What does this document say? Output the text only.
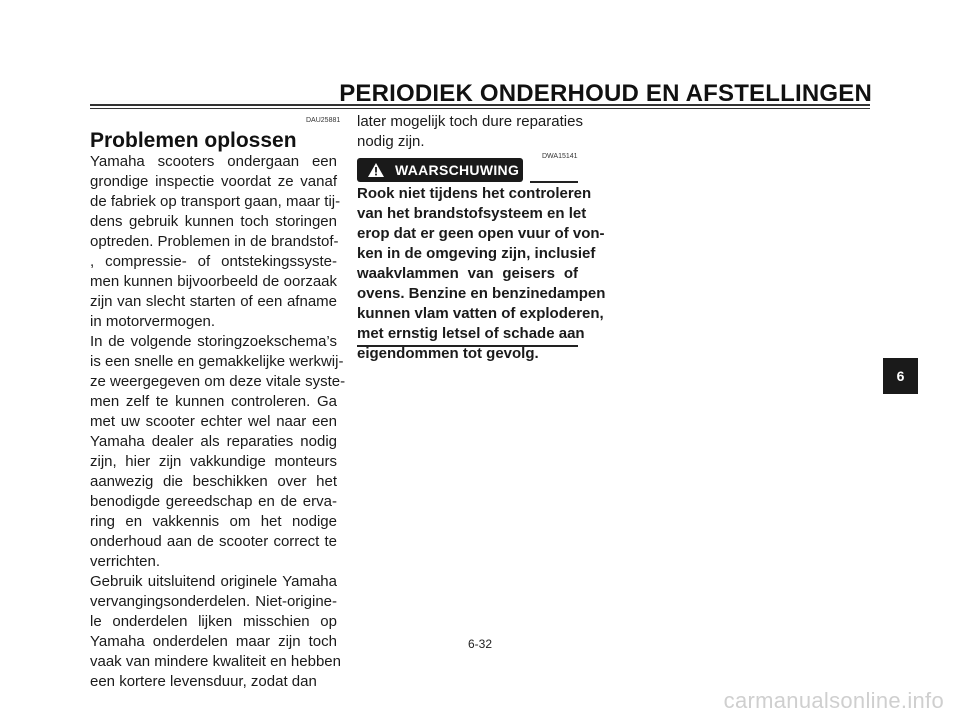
PERIODIEK ONDERHOUD EN AFSTELLINGEN
DAU25881
Problemen oplossen
Yamaha scooters ondergaan een
grondige inspectie voordat ze vanaf
de fabriek op transport gaan, maar tij-
dens gebruik kunnen toch storingen
optreden. Problemen in de brandstof-
, compressie- of ontstekingssyste-
men kunnen bijvoorbeeld de oorzaak
zijn van slecht starten of een afname
in motorvermogen.
In de volgende storingzoekschema’s
is een snelle en gemakkelijke werkwij-
ze weergegeven om deze vitale syste-
men zelf te kunnen controleren. Ga
met uw scooter echter wel naar een
Yamaha dealer als reparaties nodig
zijn, hier zijn vakkundige monteurs
aanwezig die beschikken over het
benodigde gereedschap en de erva-
ring en vakkennis om het nodige
onderhoud aan de scooter correct te
verrichten.
Gebruik uitsluitend originele Yamaha
vervangingsonderdelen. Niet-origine-
le onderdelen lijken misschien op
Yamaha onderdelen maar zijn toch
vaak van mindere kwaliteit en hebben
een kortere levensduur, zodat dan
later mogelijk toch dure reparaties
nodig zijn.
DWA15141
WAARSCHUWING
Rook niet tijdens het controleren
van het brandstofsysteem en let
erop dat er geen open vuur of von-
ken in de omgeving zijn, inclusief
waakvlammen van geisers of
ovens. Benzine en benzinedampen
kunnen vlam vatten of exploderen,
met ernstig letsel of schade aan
eigendommen tot gevolg.
6-32
6
carmanualsonline.info
